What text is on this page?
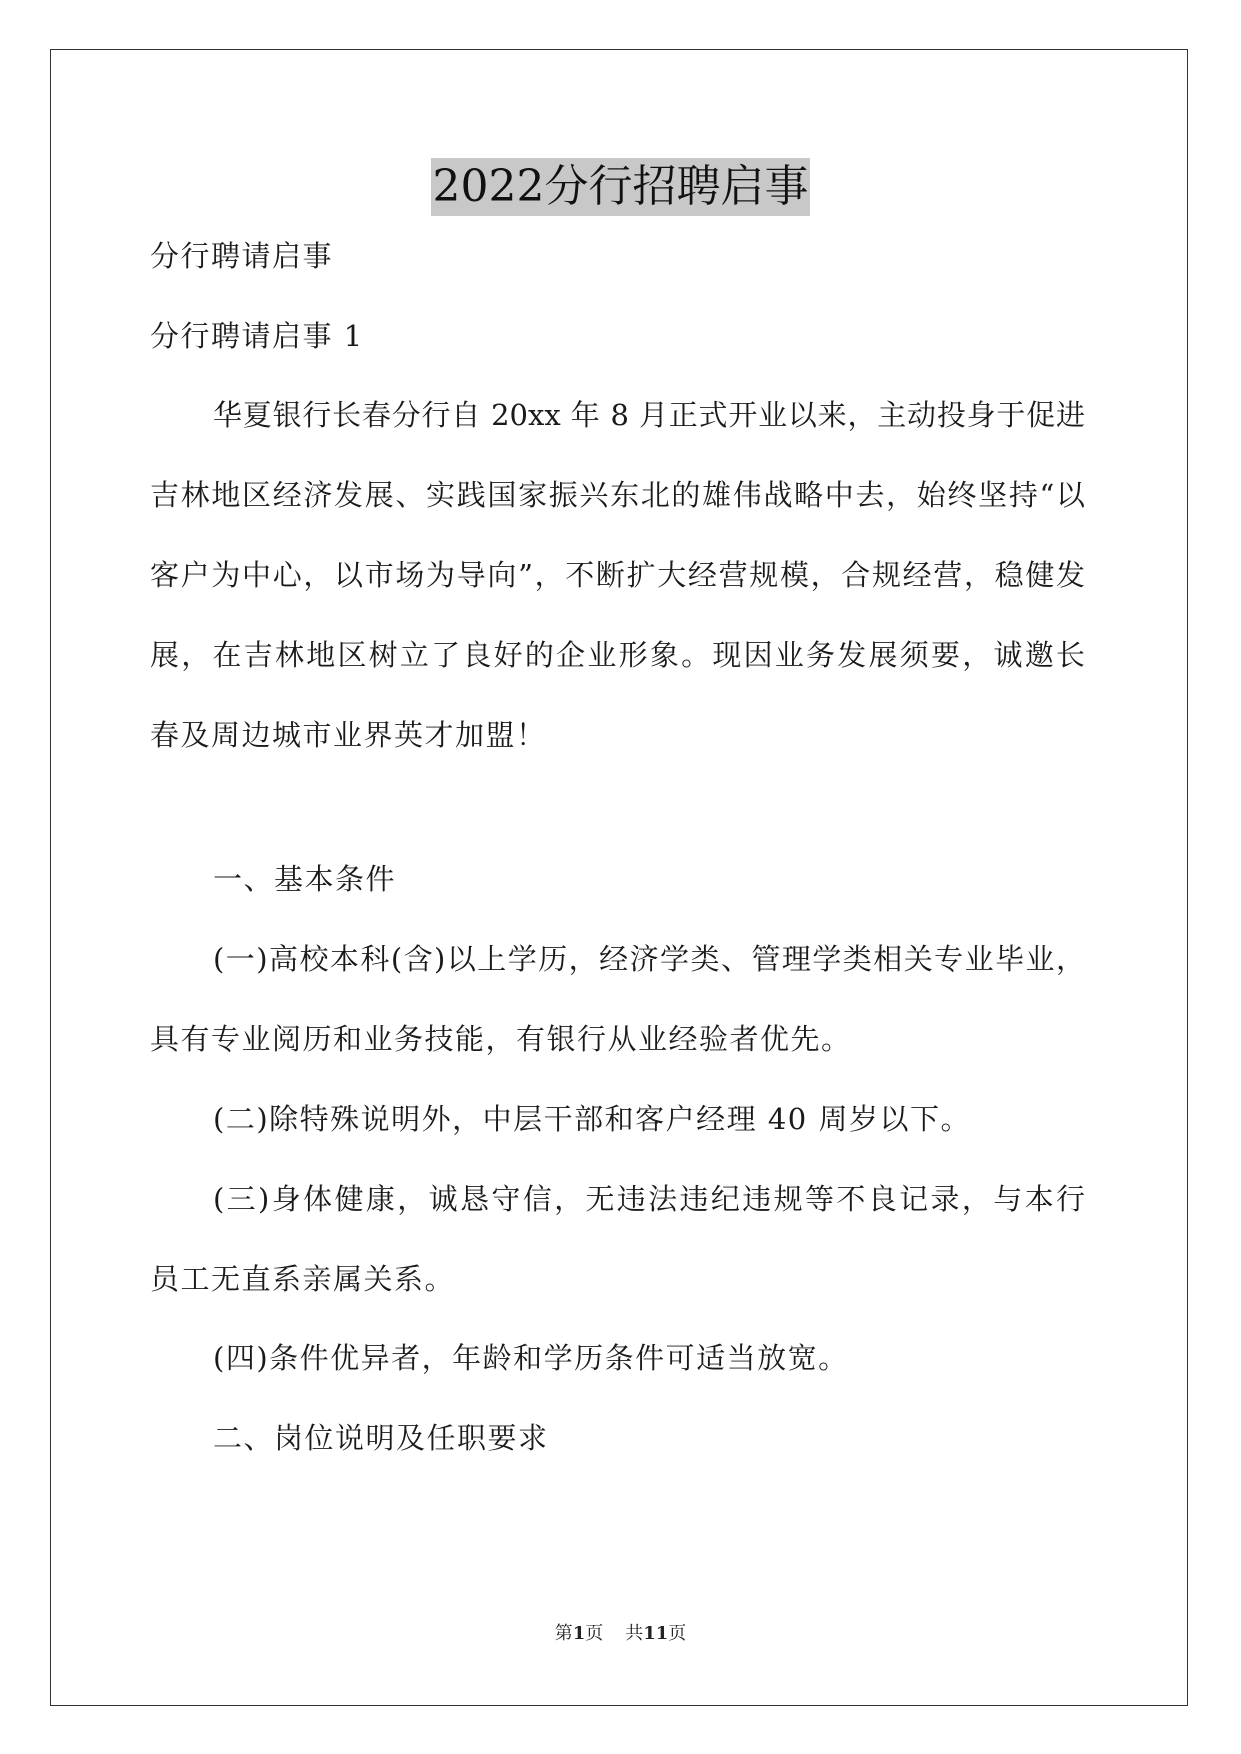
2022分行招聘启事
分行聘请启事
分行聘请启事 1
华夏银行长春分行自 20xx 年 8 月正式开业以来，主动投身于促进
吉林地区经济发展、实践国家振兴东北的雄伟战略中去，始终坚持“以
客户为中心，以市场为导向”，不断扩大经营规模，合规经营，稳健发
展，在吉林地区树立了良好的企业形象。现因业务发展须要，诚邀长
春及周边城市业界英才加盟！
一、基本条件
(一)高校本科(含)以上学历，经济学类、管理学类相关专业毕业，
具有专业阅历和业务技能，有银行从业经验者优先。
(二)除特殊说明外，中层干部和客户经理 40 周岁以下。
(三)身体健康，诚恳守信，无违法违纪违规等不良记录，与本行
员工无直系亲属关系。
(四)条件优异者，年龄和学历条件可适当放宽。
二、岗位说明及任职要求
第1页 共11页
